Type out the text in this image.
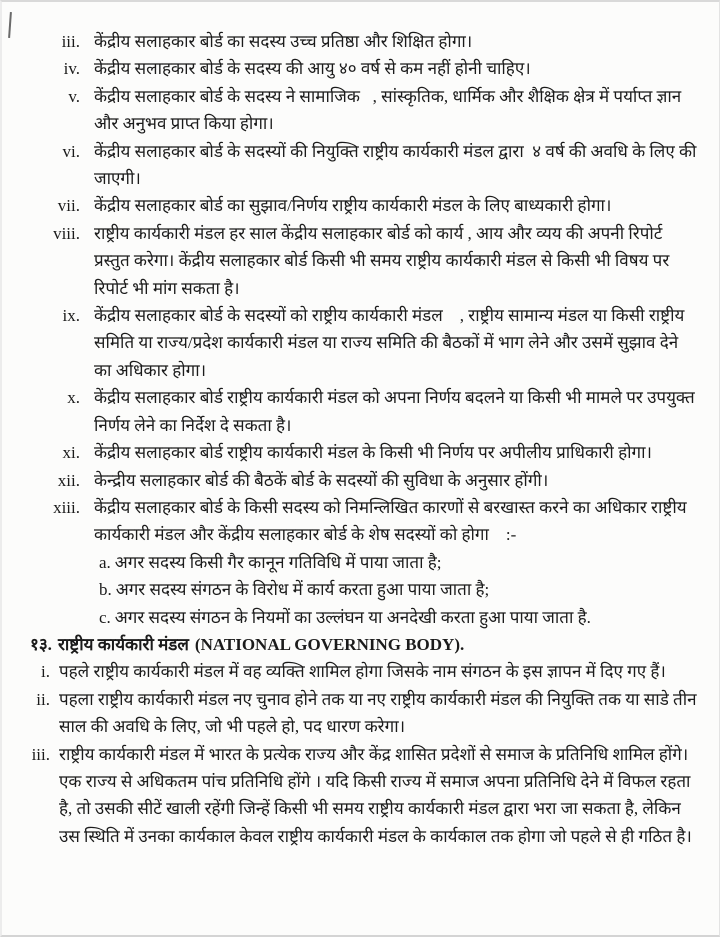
iii. केंद्रीय सलाहकार बोर्ड का सदस्य उच्च प्रतिष्ठा और शिक्षित होगा।
iv. केंद्रीय सलाहकार बोर्ड के सदस्य की आयु ४० वर्ष से कम नहीं होनी चाहिए।
v. केंद्रीय सलाहकार बोर्ड के सदस्य ने सामाजिक   , सांस्कृतिक, धार्मिक और शैक्षिक क्षेत्र में पर्याप्त ज्ञान और अनुभव प्राप्त किया होगा।
vi. केंद्रीय सलाहकार बोर्ड के सदस्यों की नियुक्ति राष्ट्रीय कार्यकारी मंडल द्वारा  ४ वर्ष की अवधि के लिए की जाएगी।
vii. केंद्रीय सलाहकार बोर्ड का सुझाव/निर्णय राष्ट्रीय कार्यकारी मंडल के लिए बाध्यकारी होगा।
viii. राष्ट्रीय कार्यकारी मंडल हर साल केंद्रीय सलाहकार बोर्ड को कार्य , आय और व्यय की अपनी रिपोर्ट प्रस्तुत करेगा। केंद्रीय सलाहकार बोर्ड किसी भी समय राष्ट्रीय कार्यकारी मंडल से किसी भी विषय पर रिपोर्ट भी मांग सकता है।
ix. केंद्रीय सलाहकार बोर्ड के सदस्यों को राष्ट्रीय कार्यकारी मंडल    , राष्ट्रीय सामान्य मंडल या किसी राष्ट्रीय समिति या राज्य/प्रदेश कार्यकारी मंडल या राज्य समिति की बैठकों में भाग लेने और उसमें सुझाव देने का अधिकार होगा।
x. केंद्रीय सलाहकार बोर्ड राष्ट्रीय कार्यकारी मंडल को अपना निर्णय बदलने या किसी भी मामले पर उपयुक्त निर्णय लेने का निर्देश दे सकता है।
xi. केंद्रीय सलाहकार बोर्ड राष्ट्रीय कार्यकारी मंडल के किसी भी निर्णय पर अपीलीय प्राधिकारी होगा।
xii. केन्द्रीय सलाहकार बोर्ड की बैठकें बोर्ड के सदस्यों की सुविधा के अनुसार होंगी।
xiii. केंद्रीय सलाहकार बोर्ड के किसी सदस्य को निमन्लिखित कारणों से बरखास्त करने का अधिकार राष्ट्रीय कार्यकारी मंडल और केंद्रीय सलाहकार बोर्ड के शेष सदस्यों को होगा    :-
a. अगर सदस्य किसी गैर कानून गतिविधि में पाया जाता है;
b. अगर सदस्य संगठन के विरोध में कार्य करता हुआ पाया जाता है;
c. अगर सदस्य संगठन के नियमों का उल्लंघन या अनदेखी करता हुआ पाया जाता है.
१३. राष्ट्रीय कार्यकारी मंडल (NATIONAL GOVERNING BODY).
i. पहले राष्ट्रीय कार्यकारी मंडल में वह व्यक्ति शामिल होगा जिसके नाम संगठन के इस ज्ञापन में दिए गए हैं।
ii. पहला राष्ट्रीय कार्यकारी मंडल नए चुनाव होने तक या नए राष्ट्रीय कार्यकारी मंडल की नियुक्ति तक या साडे तीन साल की अवधि के लिए, जो भी पहले हो, पद धारण करेगा।
iii. राष्ट्रीय कार्यकारी मंडल में भारत के प्रत्येक राज्य और केंद्र शासित प्रदेशों से समाज के प्रतिनिधि शामिल होंगे। एक राज्य से अधिकतम पांच प्रतिनिधि होंगे । यदि किसी राज्य में समाज अपना प्रतिनिधि देने में विफल रहता है, तो उसकी सीटें खाली रहेंगी जिन्हें किसी भी समय राष्ट्रीय कार्यकारी मंडल द्वारा भरा जा सकता है, लेकिन उस स्थिति में उनका कार्यकाल केवल राष्ट्रीय कार्यकारी मंडल के कार्यकाल तक होगा जो पहले से ही गठित है।
